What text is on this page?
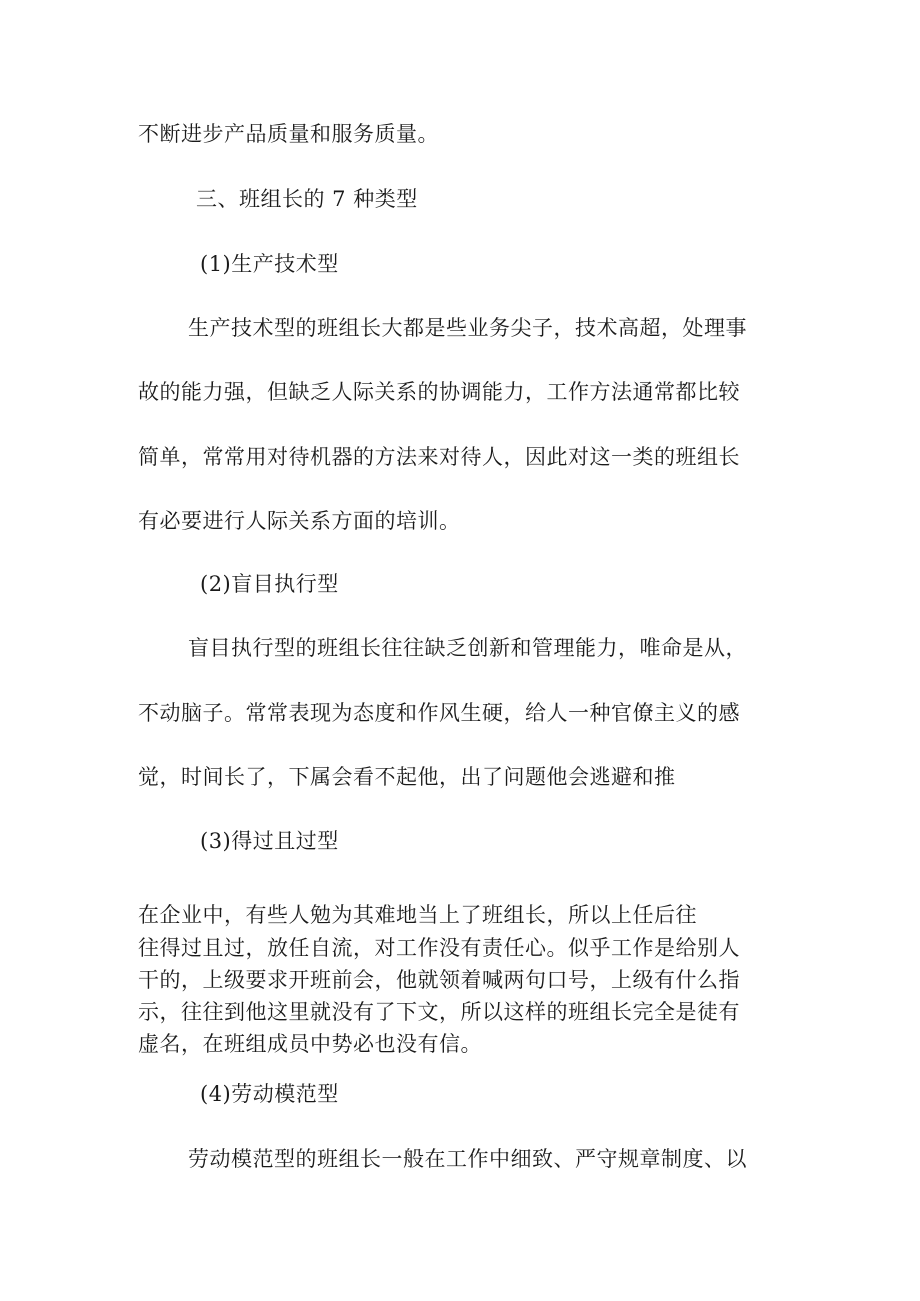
不断进步产品质量和服务质量。
三、班组长的 7 种类型
(1)生产技术型
生产技术型的班组长大都是些业务尖子，技术高超，处理事
故的能力强，但缺乏人际关系的协调能力，工作方法通常都比较
简单，常常用对待机器的方法来对待人，因此对这一类的班组长
有必要进行人际关系方面的培训。
(2)盲目执行型
盲目执行型的班组长往往缺乏创新和管理能力，唯命是从，
不动脑子。常常表现为态度和作风生硬，给人一种官僚主义的感
觉，时间长了，下属会看不起他，出了问题他会逃避和推
(3)得过且过型
在企业中，有些人勉为其难地当上了班组长，所以上任后往
往得过且过，放任自流，对工作没有责任心。似乎工作是给别人
干的，上级要求开班前会，他就领着喊两句口号，上级有什么指
示，往往到他这里就没有了下文，所以这样的班组长完全是徒有
虚名，在班组成员中势必也没有信。
(4)劳动模范型
劳动模范型的班组长一般在工作中细致、严守规章制度、以
